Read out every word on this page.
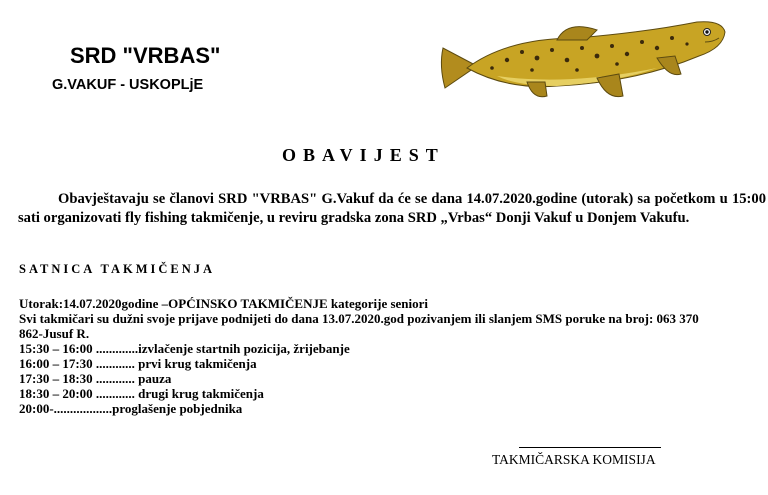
SRD "VRBAS"
G.VAKUF - USKOPLjE
OBAVIJEST

Obavještavaju se članovi SRD "VRBAS" G.Vakuf da će se dana 14.07.2020.godine (utorak) sa početkom u 15:00 sati organizovati fly fishing takmičenje, u reviru gradska zona SRD „Vrbas“ Donji Vakuf u Donjem Vakufu.

SATNICA TAKMIČENJA
Utorak:14.07.2020godine –OPĆINSKO TAKMIČENJE kategorije seniori
Svi takmičari su dužni svoje prijave podnijeti do dana 13.07.2020.god pozivanjem ili slanjem SMS poruke na broj: 063 370 862-Jusuf R.
15:30 – 16:00 .............izvlačenje startnih pozicija, žrijebanje
16:00 – 17:30 ............ prvi krug takmičenja
17:30 – 18:30 ............ pauza
18:30 – 20:00 ............ drugi krug takmičenja
20:00-..................proglašenje pobjednika
TAKMIČARSKA KOMISIJA
